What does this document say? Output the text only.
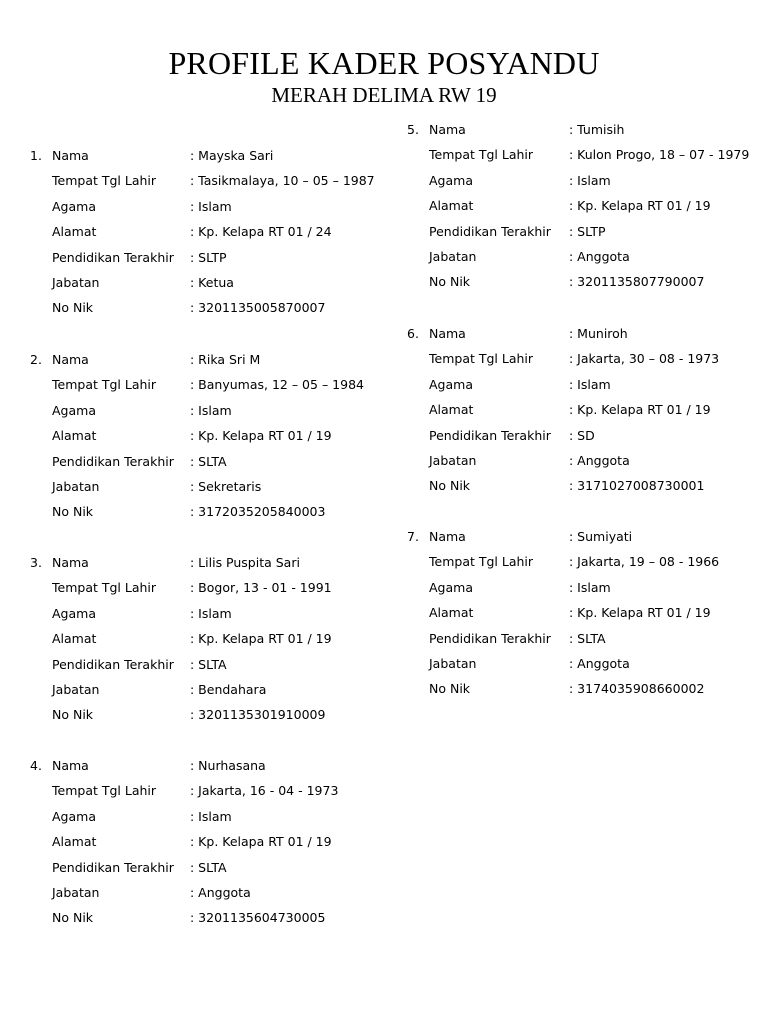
PROFILE KADER POSYANDU
MERAH DELIMA RW 19
1. Nama	: Mayska Sari
Tempat Tgl Lahir	: Tasikmalaya, 10 – 05 – 1987
Agama	: Islam
Alamat	: Kp. Kelapa RT 01 / 24
Pendidikan Terakhir : SLTP
Jabatan	: Ketua
No Nik	: 3201135005870007
2. Nama	: Rika Sri M
Tempat Tgl Lahir	: Banyumas, 12 – 05 – 1984
Agama	: Islam
Alamat	: Kp. Kelapa RT 01 / 19
Pendidikan Terakhir : SLTA
Jabatan	: Sekretaris
No Nik	: 3172035205840003
3. Nama	: Lilis Puspita Sari
Tempat Tgl Lahir	: Bogor, 13 - 01 - 1991
Agama	: Islam
Alamat	: Kp. Kelapa RT 01 / 19
Pendidikan Terakhir : SLTA
Jabatan	: Bendahara
No Nik	: 3201135301910009
4. Nama	: Nurhasana
Tempat Tgl Lahir	: Jakarta, 16 - 04 - 1973
Agama	: Islam
Alamat	: Kp. Kelapa RT 01 / 19
Pendidikan Terakhir : SLTA
Jabatan	: Anggota
No Nik	: 3201135604730005
5. Nama	: Tumisih
Tempat Tgl Lahir	: Kulon Progo, 18 – 07 - 1979
Agama	: Islam
Alamat	: Kp. Kelapa RT 01 / 19
Pendidikan Terakhir : SLTP
Jabatan	: Anggota
No Nik	: 3201135807790007
6. Nama	: Muniroh
Tempat Tgl Lahir	: Jakarta, 30 – 08 - 1973
Agama	: Islam
Alamat	: Kp. Kelapa RT 01 / 19
Pendidikan Terakhir : SD
Jabatan	: Anggota
No Nik	: 3171027008730001
7. Nama	: Sumiyati
Tempat Tgl Lahir	: Jakarta, 19 – 08 - 1966
Agama	: Islam
Alamat	: Kp. Kelapa RT 01 / 19
Pendidikan Terakhir : SLTA
Jabatan	: Anggota
No Nik	: 3174035908660002
